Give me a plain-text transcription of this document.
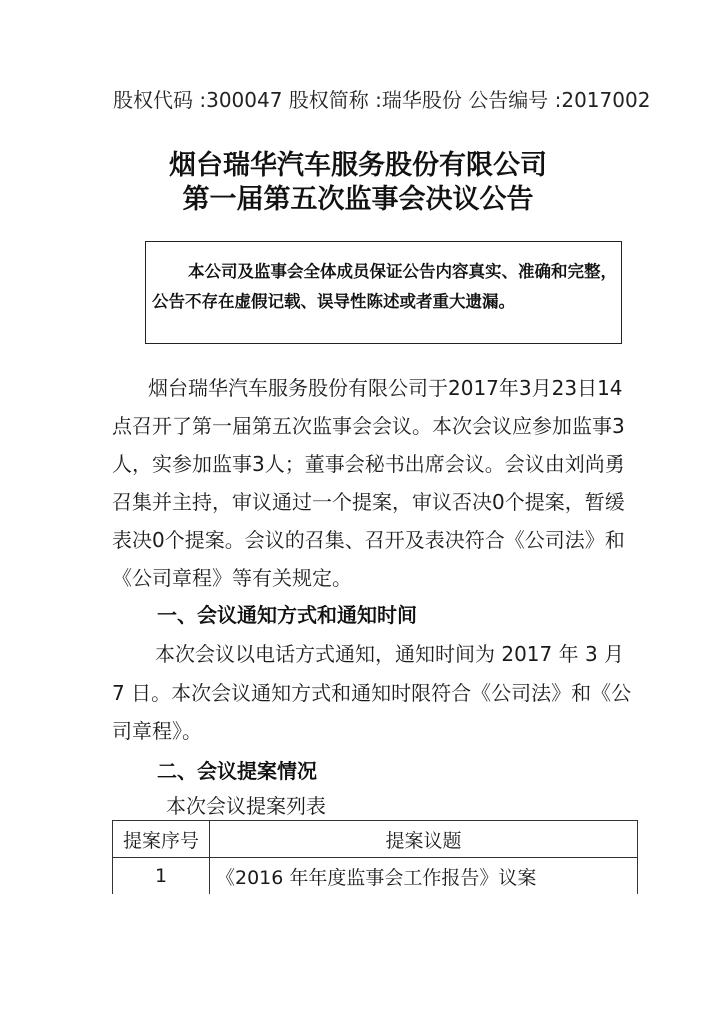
股权代码 :300047 股权简称 :瑞华股份 公告编号 :2017002
烟台瑞华汽车服务股份有限公司
第一届第五次监事会决议公告
本公司及监事会全体成员保证公告内容真实、准确和完整，
公告不存在虚假记载、误导性陈述或者重大遗漏。
烟台瑞华汽车服务股份有限公司于2017年3月23日14
点召开了第一届第五次监事会会议。本次会议应参加监事3
人，实参加监事3人；董事会秘书出席会议。会议由刘尚勇
召集并主持，审议通过一个提案，审议否决0个提案，暂缓
表决0个提案。会议的召集、召开及表决符合《公司法》和
《公司章程》等有关规定。
一、会议通知方式和通知时间
本次会议以电话方式通知，通知时间为 2017 年 3 月
7 日。本次会议通知方式和通知时限符合《公司法》和《公
司章程》。
二、会议提案情况
本次会议提案列表
提案序号	提案议题
1	《2016 年年度监事会工作报告》议案
